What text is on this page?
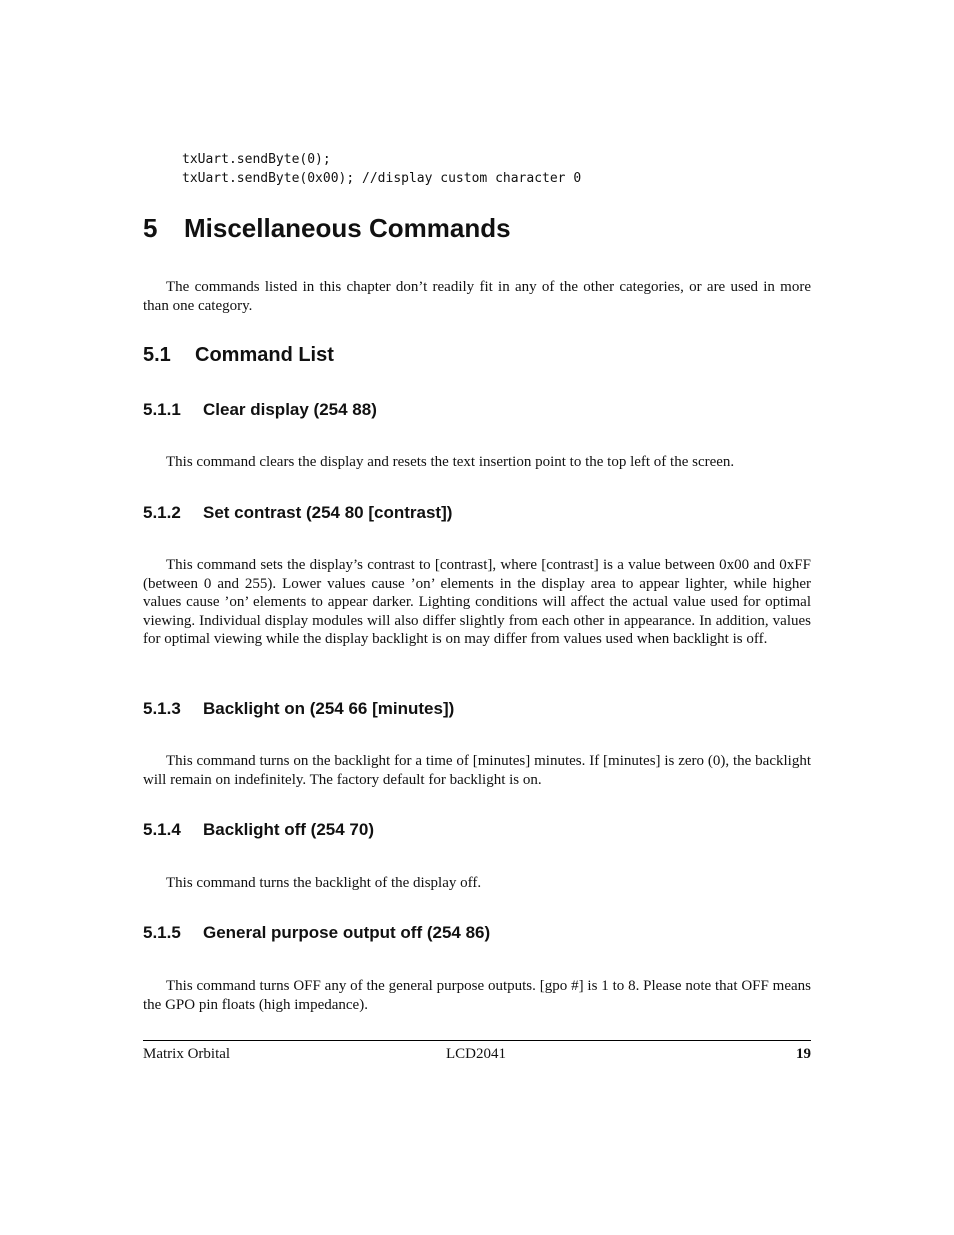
txUart.sendByte(0);
txUart.sendByte(0x00); //display custom character 0
5 Miscellaneous Commands

The commands listed in this chapter don’t readily fit in any of the other categories, or are used in more than one category.

5.1 Command List
5.1.1 Clear display (254 88)

This command clears the display and resets the text insertion point to the top left of the screen.

5.1.2 Set contrast (254 80 [contrast])

This command sets the display’s contrast to [contrast], where [contrast] is a value between 0x00 and 0xFF (between 0 and 255). Lower values cause ’on’ elements in the display area to appear lighter, while higher values cause ’on’ elements to appear darker. Lighting conditions will affect the actual value used for optimal viewing. Individual display modules will also differ slightly from each other in appearance. In addition, values for optimal viewing while the display backlight is on may differ from values used when backlight is off.

5.1.3 Backlight on (254 66 [minutes])

This command turns on the backlight for a time of [minutes] minutes. If [minutes] is zero (0), the backlight will remain on indefinitely. The factory default for backlight is on.

5.1.4 Backlight off (254 70)

This command turns the backlight of the display off.

5.1.5 General purpose output off (254 86)

This command turns OFF any of the general purpose outputs. [gpo #] is 1 to 8. Please note that OFF means the GPO pin floats (high impedance).

Matrix Orbital	LCD2041	19
